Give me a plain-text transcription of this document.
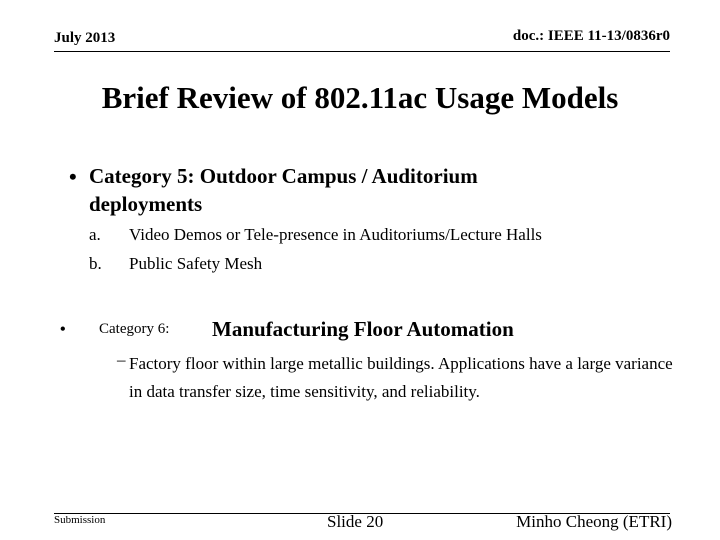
July 2013	doc.: IEEE 11-13/0836r0
Brief Review of 802.11ac Usage Models
• Category 5: Outdoor Campus / Auditorium deployments
a. Video Demos or Tele-presence in Auditoriums/Lecture Halls
b. Public Safety Mesh
• Category 6: Manufacturing Floor Automation
– Factory floor within large metallic buildings. Applications have a large variance in data transfer size, time sensitivity, and reliability.
Submission	Slide 20	Minho Cheong (ETRI)
